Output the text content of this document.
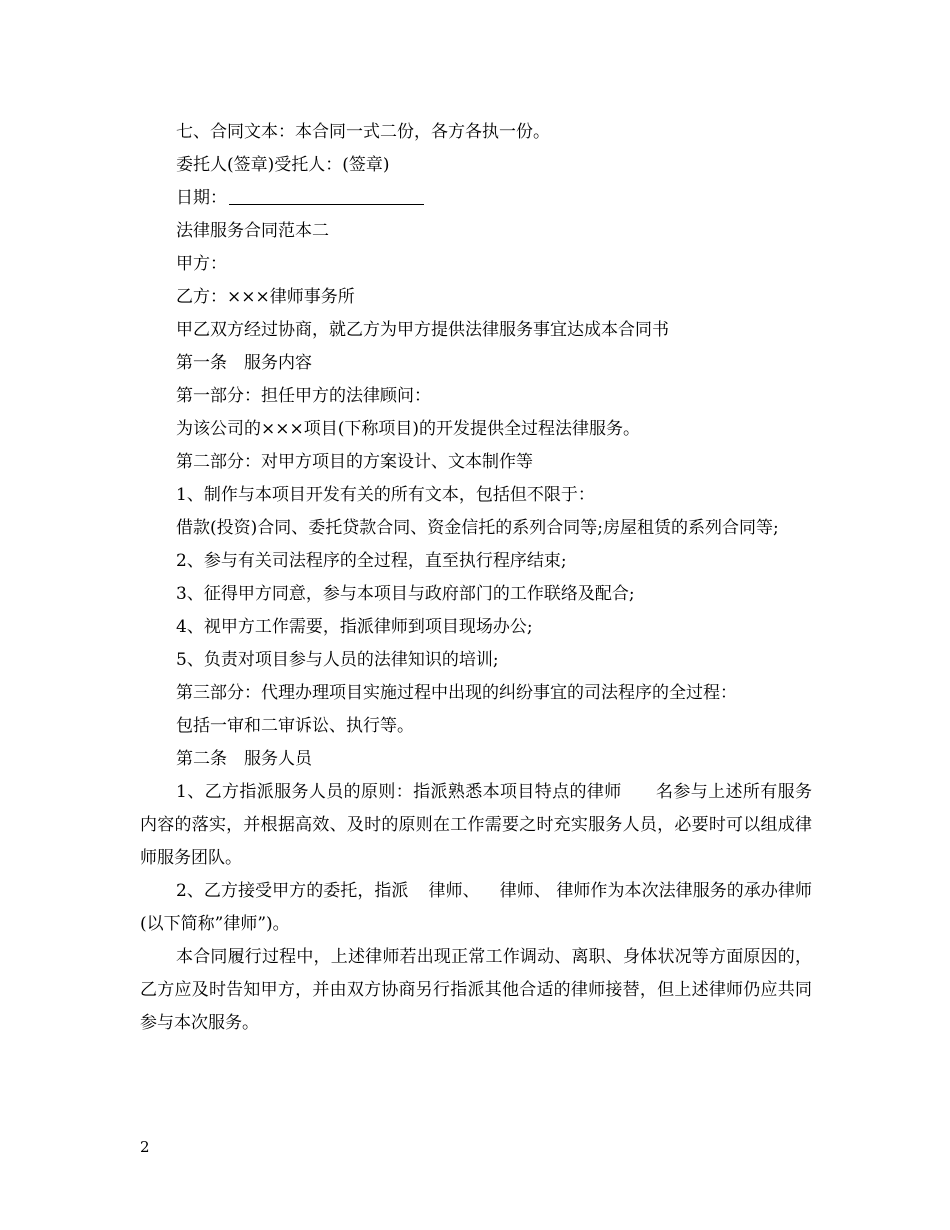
七、合同文本：本合同一式二份，各方各执一份。
委托人(签章)受托人：(签章)
日期：
法律服务合同范本二
甲方：
乙方：×××律师事务所
甲乙双方经过协商，就乙方为甲方提供法律服务事宜达成本合同书
第一条　服务内容
第一部分：担任甲方的法律顾问：
为该公司的×××项目(下称项目)的开发提供全过程法律服务。
第二部分：对甲方项目的方案设计、文本制作等
1、制作与本项目开发有关的所有文本，包括但不限于：
借款(投资)合同、委托贷款合同、资金信托的系列合同等;房屋租赁的系列合同等;
2、参与有关司法程序的全过程，直至执行程序结束;
3、征得甲方同意，参与本项目与政府部门的工作联络及配合;
4、视甲方工作需要，指派律师到项目现场办公;
5、负责对项目参与人员的法律知识的培训;
第三部分：代理办理项目实施过程中出现的纠纷事宜的司法程序的全过程：
包括一审和二审诉讼、执行等。
第二条　服务人员
1、乙方指派服务人员的原则：指派熟悉本项目特点的律师 名参与上述所有服务内容的落实，并根据高效、及时的原则在工作需要之时充实服务人员，必要时可以组成律师服务团队。
2、乙方接受甲方的委托，指派 律师、 律师、 律师作为本次法律服务的承办律师(以下简称”律师”)。
本合同履行过程中，上述律师若出现正常工作调动、离职、身体状况等方面原因的，乙方应及时告知甲方，并由双方协商另行指派其他合适的律师接替，但上述律师仍应共同参与本次服务。
2
